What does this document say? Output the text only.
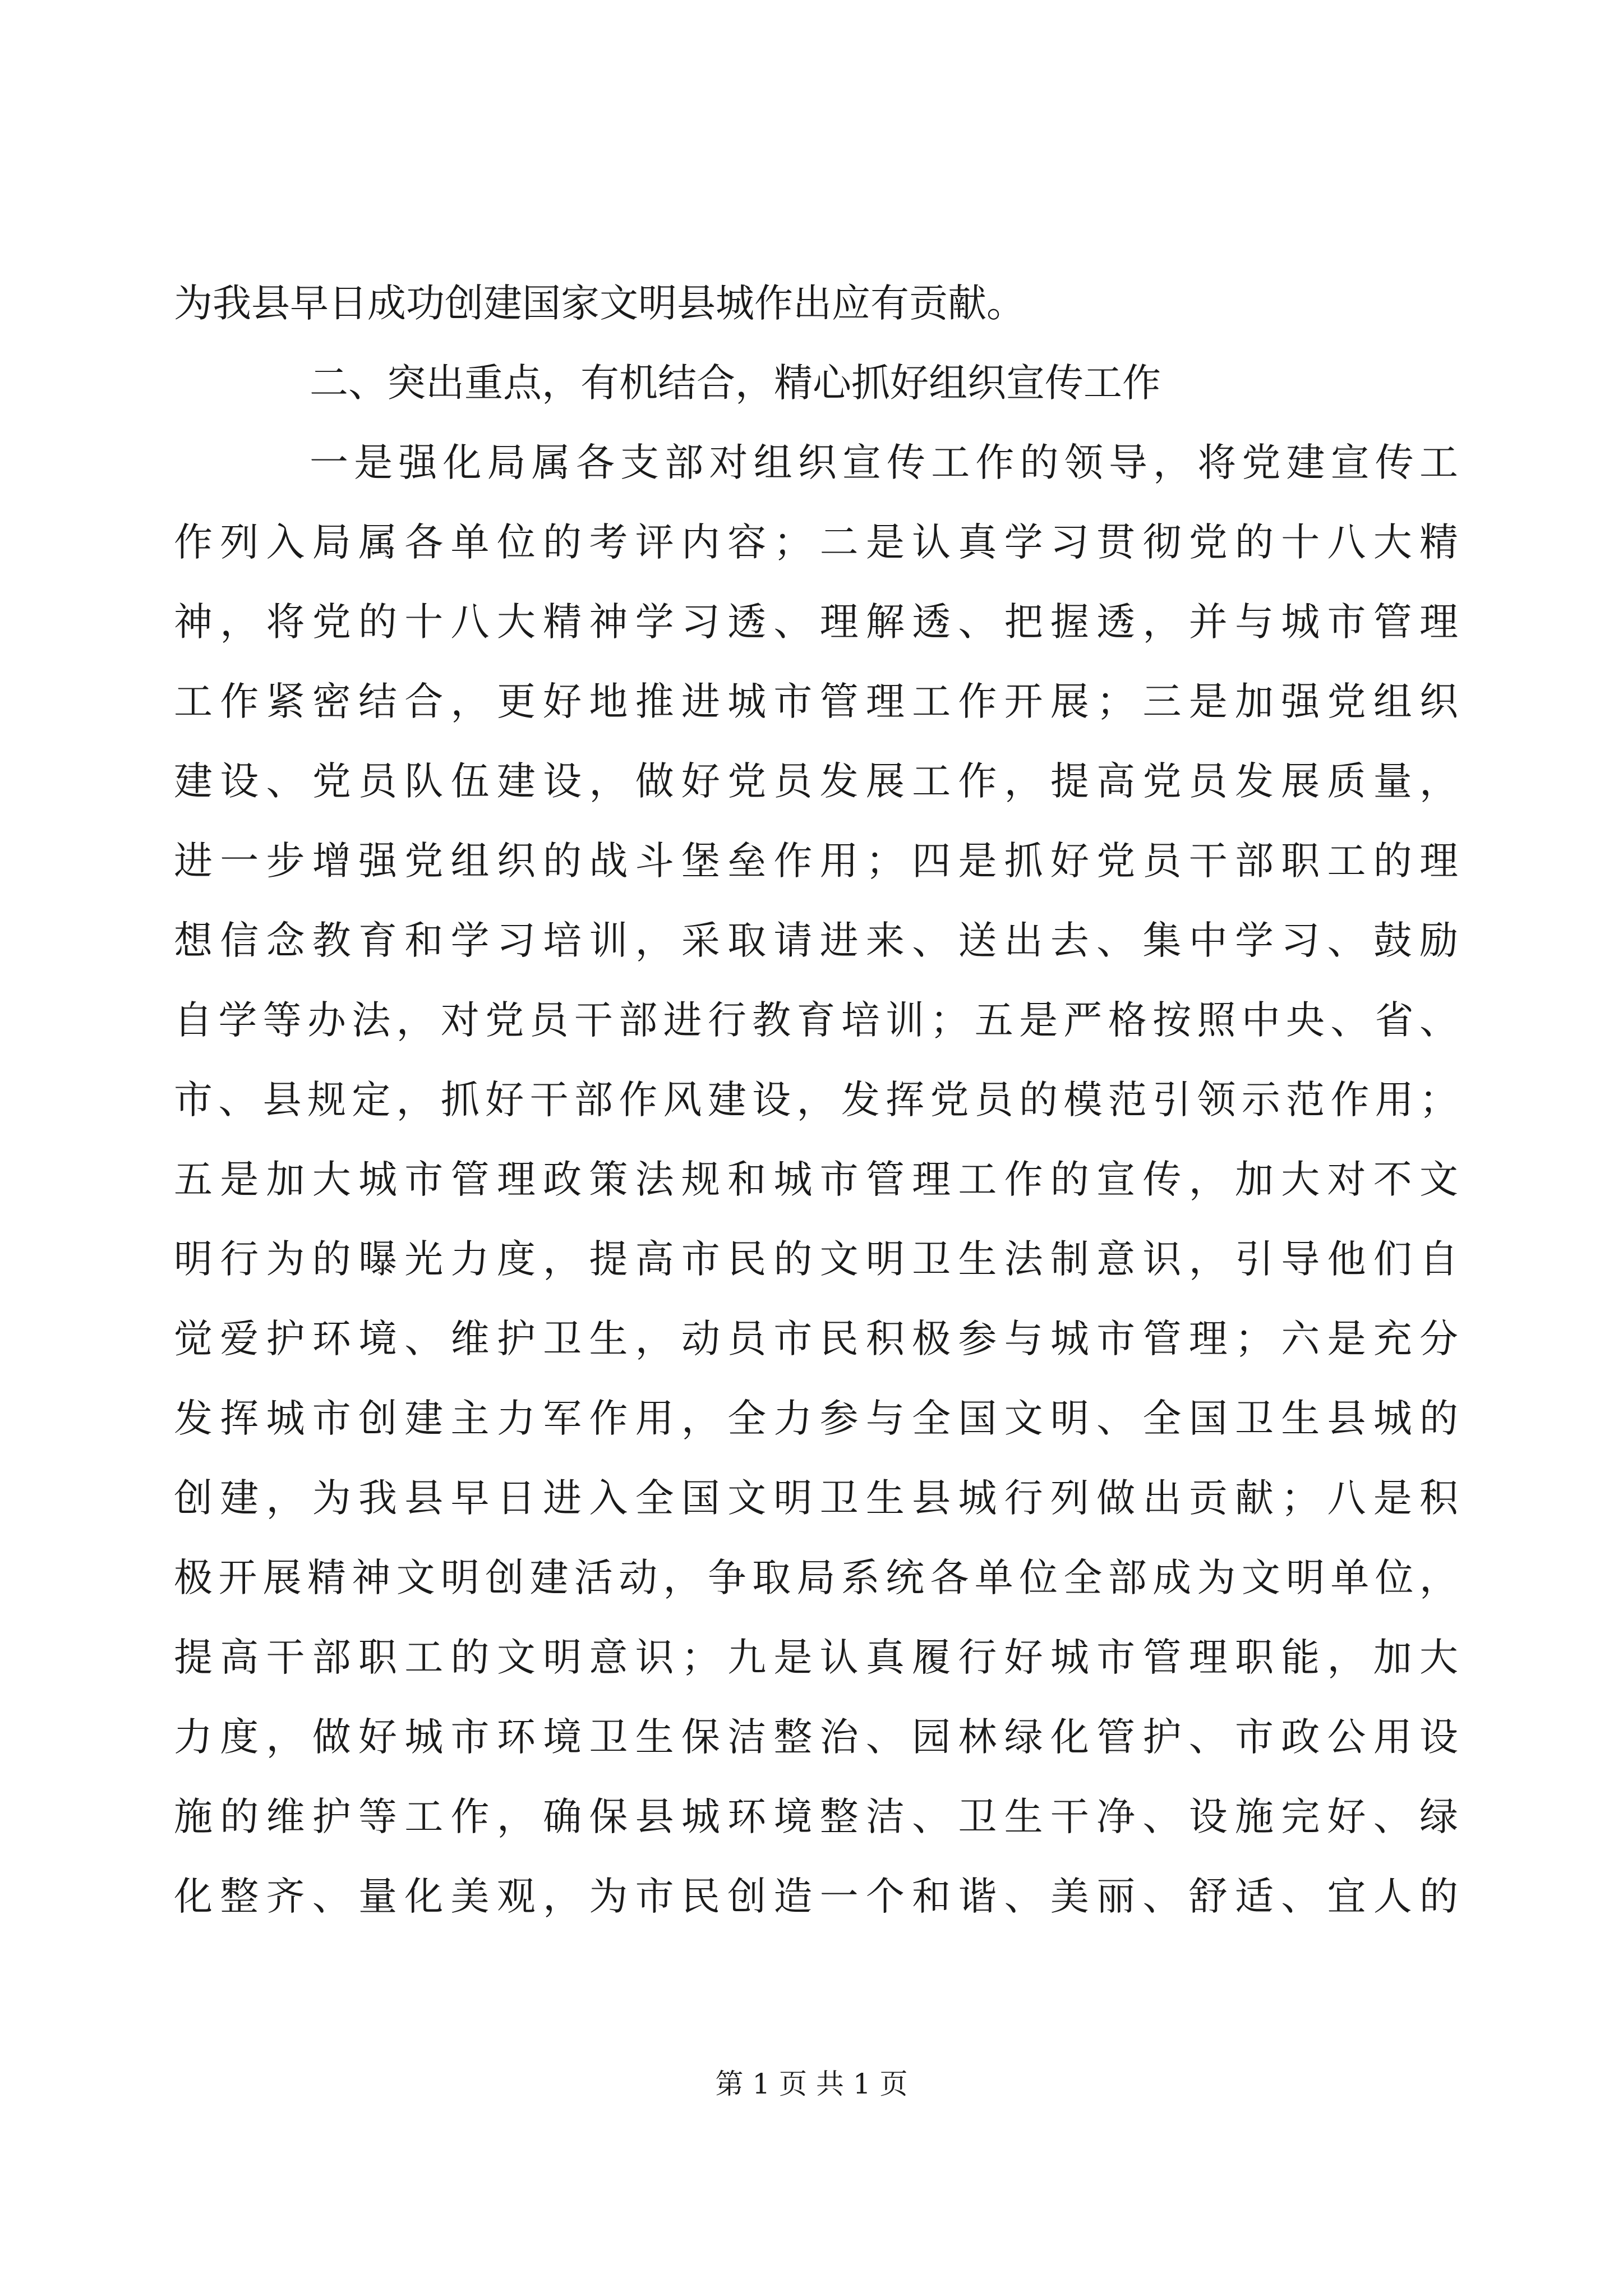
为我县早日成功创建国家文明县城作出应有贡献。
二、突出重点，有机结合，精心抓好组织宣传工作
一是强化局属各支部对组织宣传工作的领导，将党建宣传工
作列入局属各单位的考评内容；二是认真学习贯彻党的十八大精
神，将党的十八大精神学习透、理解透、把握透，并与城市管理
工作紧密结合，更好地推进城市管理工作开展；三是加强党组织
建设、党员队伍建设，做好党员发展工作，提高党员发展质量，
进一步增强党组织的战斗堡垒作用；四是抓好党员干部职工的理
想信念教育和学习培训，采取请进来、送出去、集中学习、鼓励
自学等办法，对党员干部进行教育培训；五是严格按照中央、省、
市、县规定，抓好干部作风建设，发挥党员的模范引领示范作用；
五是加大城市管理政策法规和城市管理工作的宣传，加大对不文
明行为的曝光力度，提高市民的文明卫生法制意识，引导他们自
觉爱护环境、维护卫生，动员市民积极参与城市管理；六是充分
发挥城市创建主力军作用，全力参与全国文明、全国卫生县城的
创建，为我县早日进入全国文明卫生县城行列做出贡献；八是积
极开展精神文明创建活动，争取局系统各单位全部成为文明单位，
提高干部职工的文明意识；九是认真履行好城市管理职能，加大
力度，做好城市环境卫生保洁整治、园林绿化管护、市政公用设
施的维护等工作，确保县城环境整洁、卫生干净、设施完好、绿
化整齐、量化美观，为市民创造一个和谐、美丽、舒适、宜人的
第 1 页 共 1 页
